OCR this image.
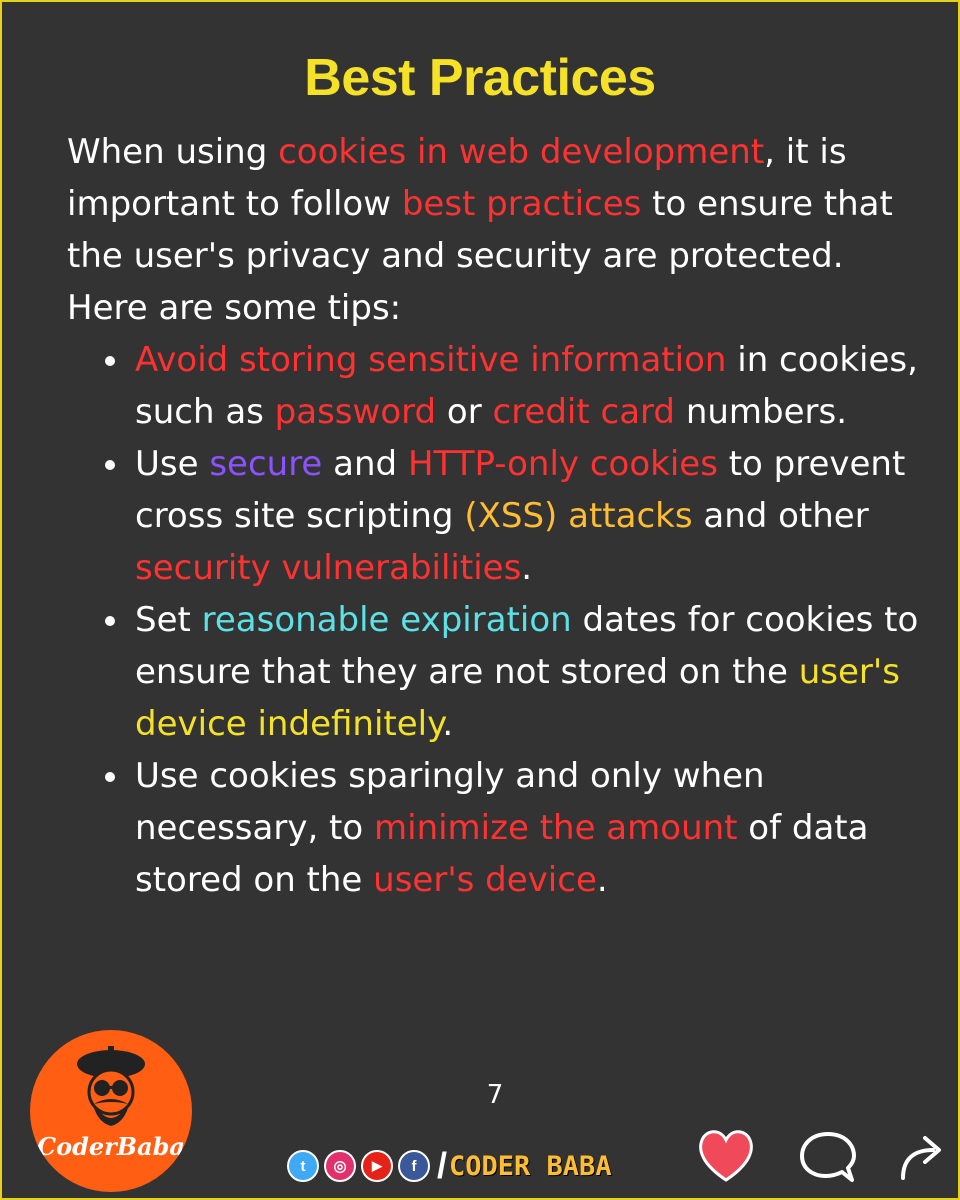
Best Practices

When using cookies in web development, it is important to follow best practices to ensure that the user's privacy and security are protected.

Here are some tips:

Avoid storing sensitive information in cookies, such as password or credit card numbers.
Use secure and HTTP-only cookies to prevent cross site scripting (XSS) attacks and other security vulnerabilities.
Set reasonable expiration dates for cookies to ensure that they are not stored on the user's device indefinitely.
Use cookies sparingly and only when necessary, to minimize the amount of data stored on the user's device.
7
CoderBaba
t ◎ ▶ f / CODER BABA
